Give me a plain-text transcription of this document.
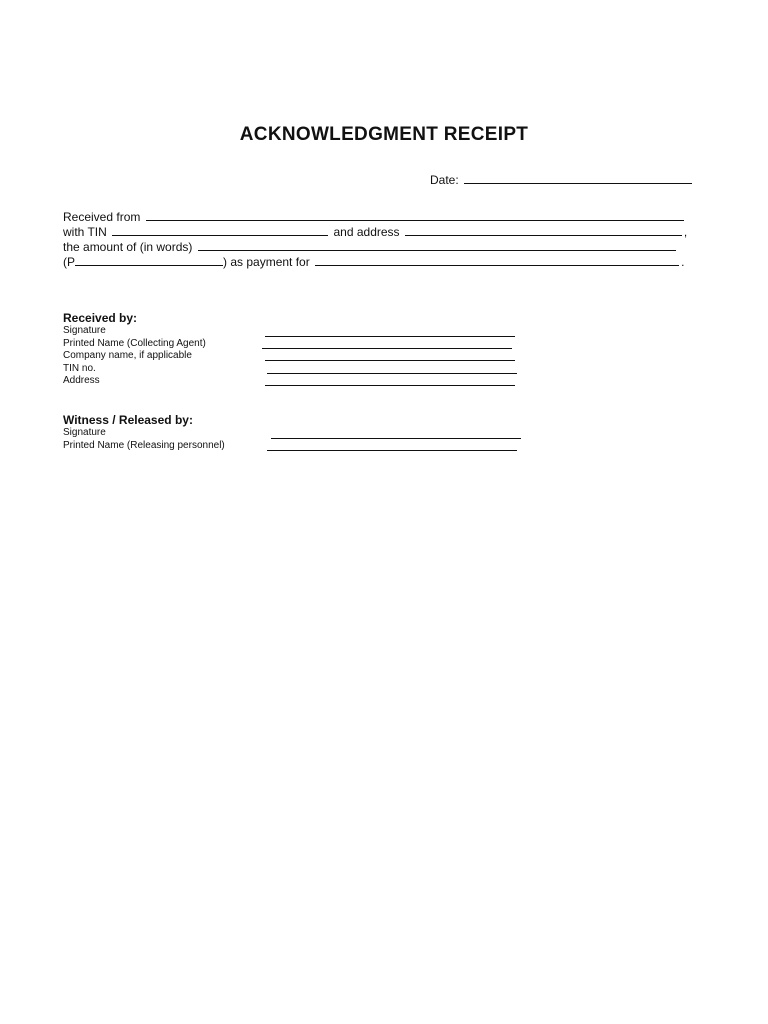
ACKNOWLEDGMENT RECEIPT
Date:
Received from
with TIN	and address	,
the amount of (in words)
(P	) as payment for	.
Received by:
Signature
Printed Name (Collecting Agent)
Company name, if applicable
TIN no.
Address
Witness / Released by:
Signature
Printed Name (Releasing personnel)
